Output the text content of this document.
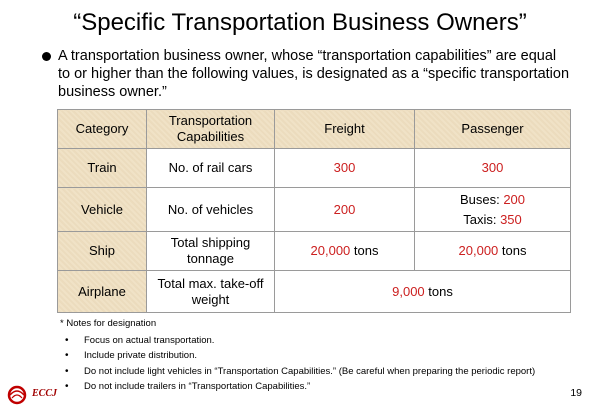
“Specific Transportation Business Owners”
A transportation business owner, whose “transportation capabilities” are equal to or higher than the following values, is designated as a “specific transportation business owner.”
Category	Transportation Capabilities	Freight	Passenger
Train	No. of rail cars	300	300
Vehicle	No. of vehicles	200	Buses: 200
Taxis: 350

Ship	Total shipping tonnage	20,000 tons	20,000 tons
Airplane	Total max. take-off weight	9,000 tons	
* Notes for designation
• Focus on actual transportation.
• Include private distribution.
• Do not include light vehicles in “Transportation Capabilities.” (Be careful when preparing the periodic report)
• Do not include trailers in “Transportation Capabilities.”
ECCJ	19
